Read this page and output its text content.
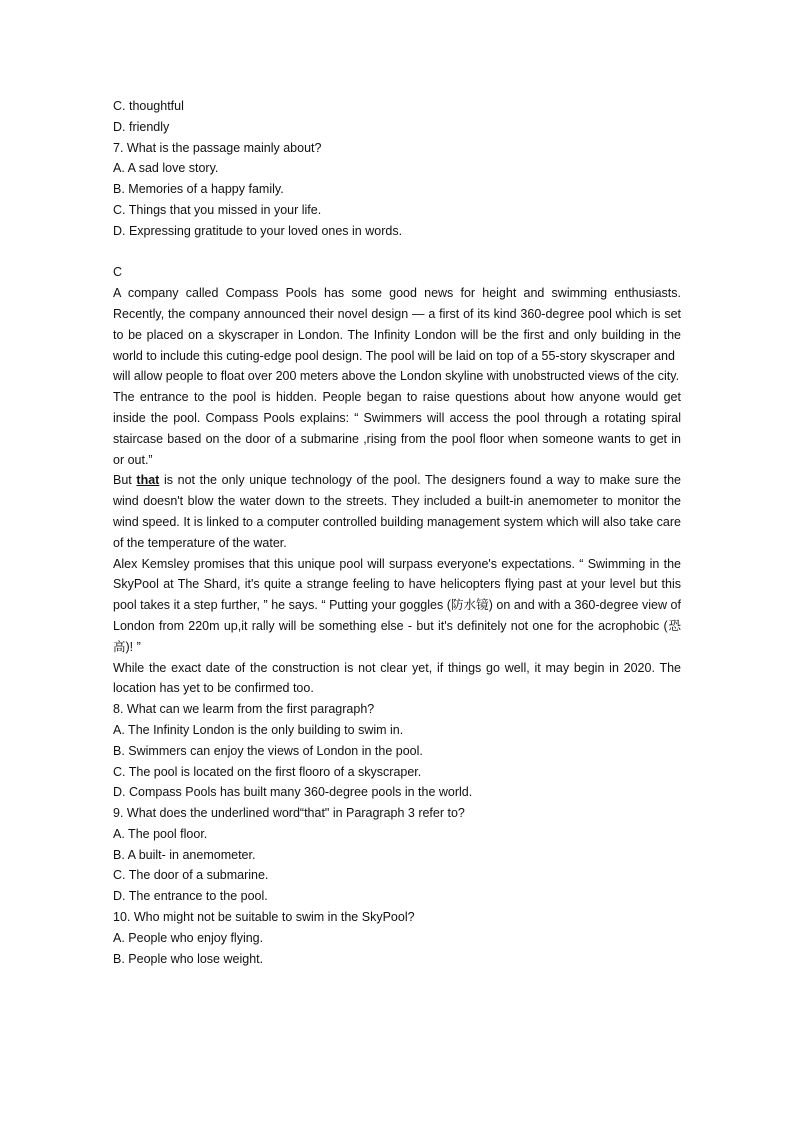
C. thoughtful
D. friendly
7. What is the passage mainly about?
A. A sad love story.
B. Memories of a happy family.
C. Things that you missed in your life.
D. Expressing gratitude to your loved ones in words.
C
A company called Compass Pools has some good news for height and swimming enthusiasts. Recently, the company announced their novel design — a first of its kind 360-degree pool which is set to be placed on a skyscraper in London. The Infinity London will be the first and only building in the world to include this cuting-edge pool design. The pool will be laid on top of a 55-story skyscraper and
will allow people to float over 200 meters above the London skyline with unobstructed views of the city.
The entrance to the pool is hidden. People began to raise questions about how anyone would get inside the pool. Compass Pools explains: “ Swimmers will access the pool through a rotating spiral staircase based on the door of a submarine ,rising from the pool floor when someone wants to get in or out.”
But that is not the only unique technology of the pool. The designers found a way to make sure the wind doesn't blow the water down to the streets. They included a built-in anemometer to monitor the wind speed. It is linked to a computer controlled building management system which will also take care of the temperature of the water.
Alex Kemsley promises that this unique pool will surpass everyone's expectations. “ Swimming in the SkyPool at The Shard, it's quite a strange feeling to have helicopters flying past at your level but this pool takes it a step further, ” he says. “ Putting your goggles (防水镜) on and with a 360-degree view of London from 220m up,it rally will be something else - but it's definitely not one for the acrophobic (恐高)! ”
While the exact date of the construction is not clear yet, if things go well, it may begin in 2020. The location has yet to be confirmed too.
8. What can we learm from the first paragraph?
A. The Infinity London is the only building to swim in.
B. Swimmers can enjoy the views of London in the pool.
C. The pool is located on the first flooro of a skyscraper.
D. Compass Pools has built many 360-degree pools in the world.
9. What does the underlined word“that" in Paragraph 3 refer to?
A. The pool floor.
B. A built- in anemometer.
C. The door of a submarine.
D. The entrance to the pool.
10. Who might not be suitable to swim in the SkyPool?
A. People who enjoy flying.
B. People who lose weight.
